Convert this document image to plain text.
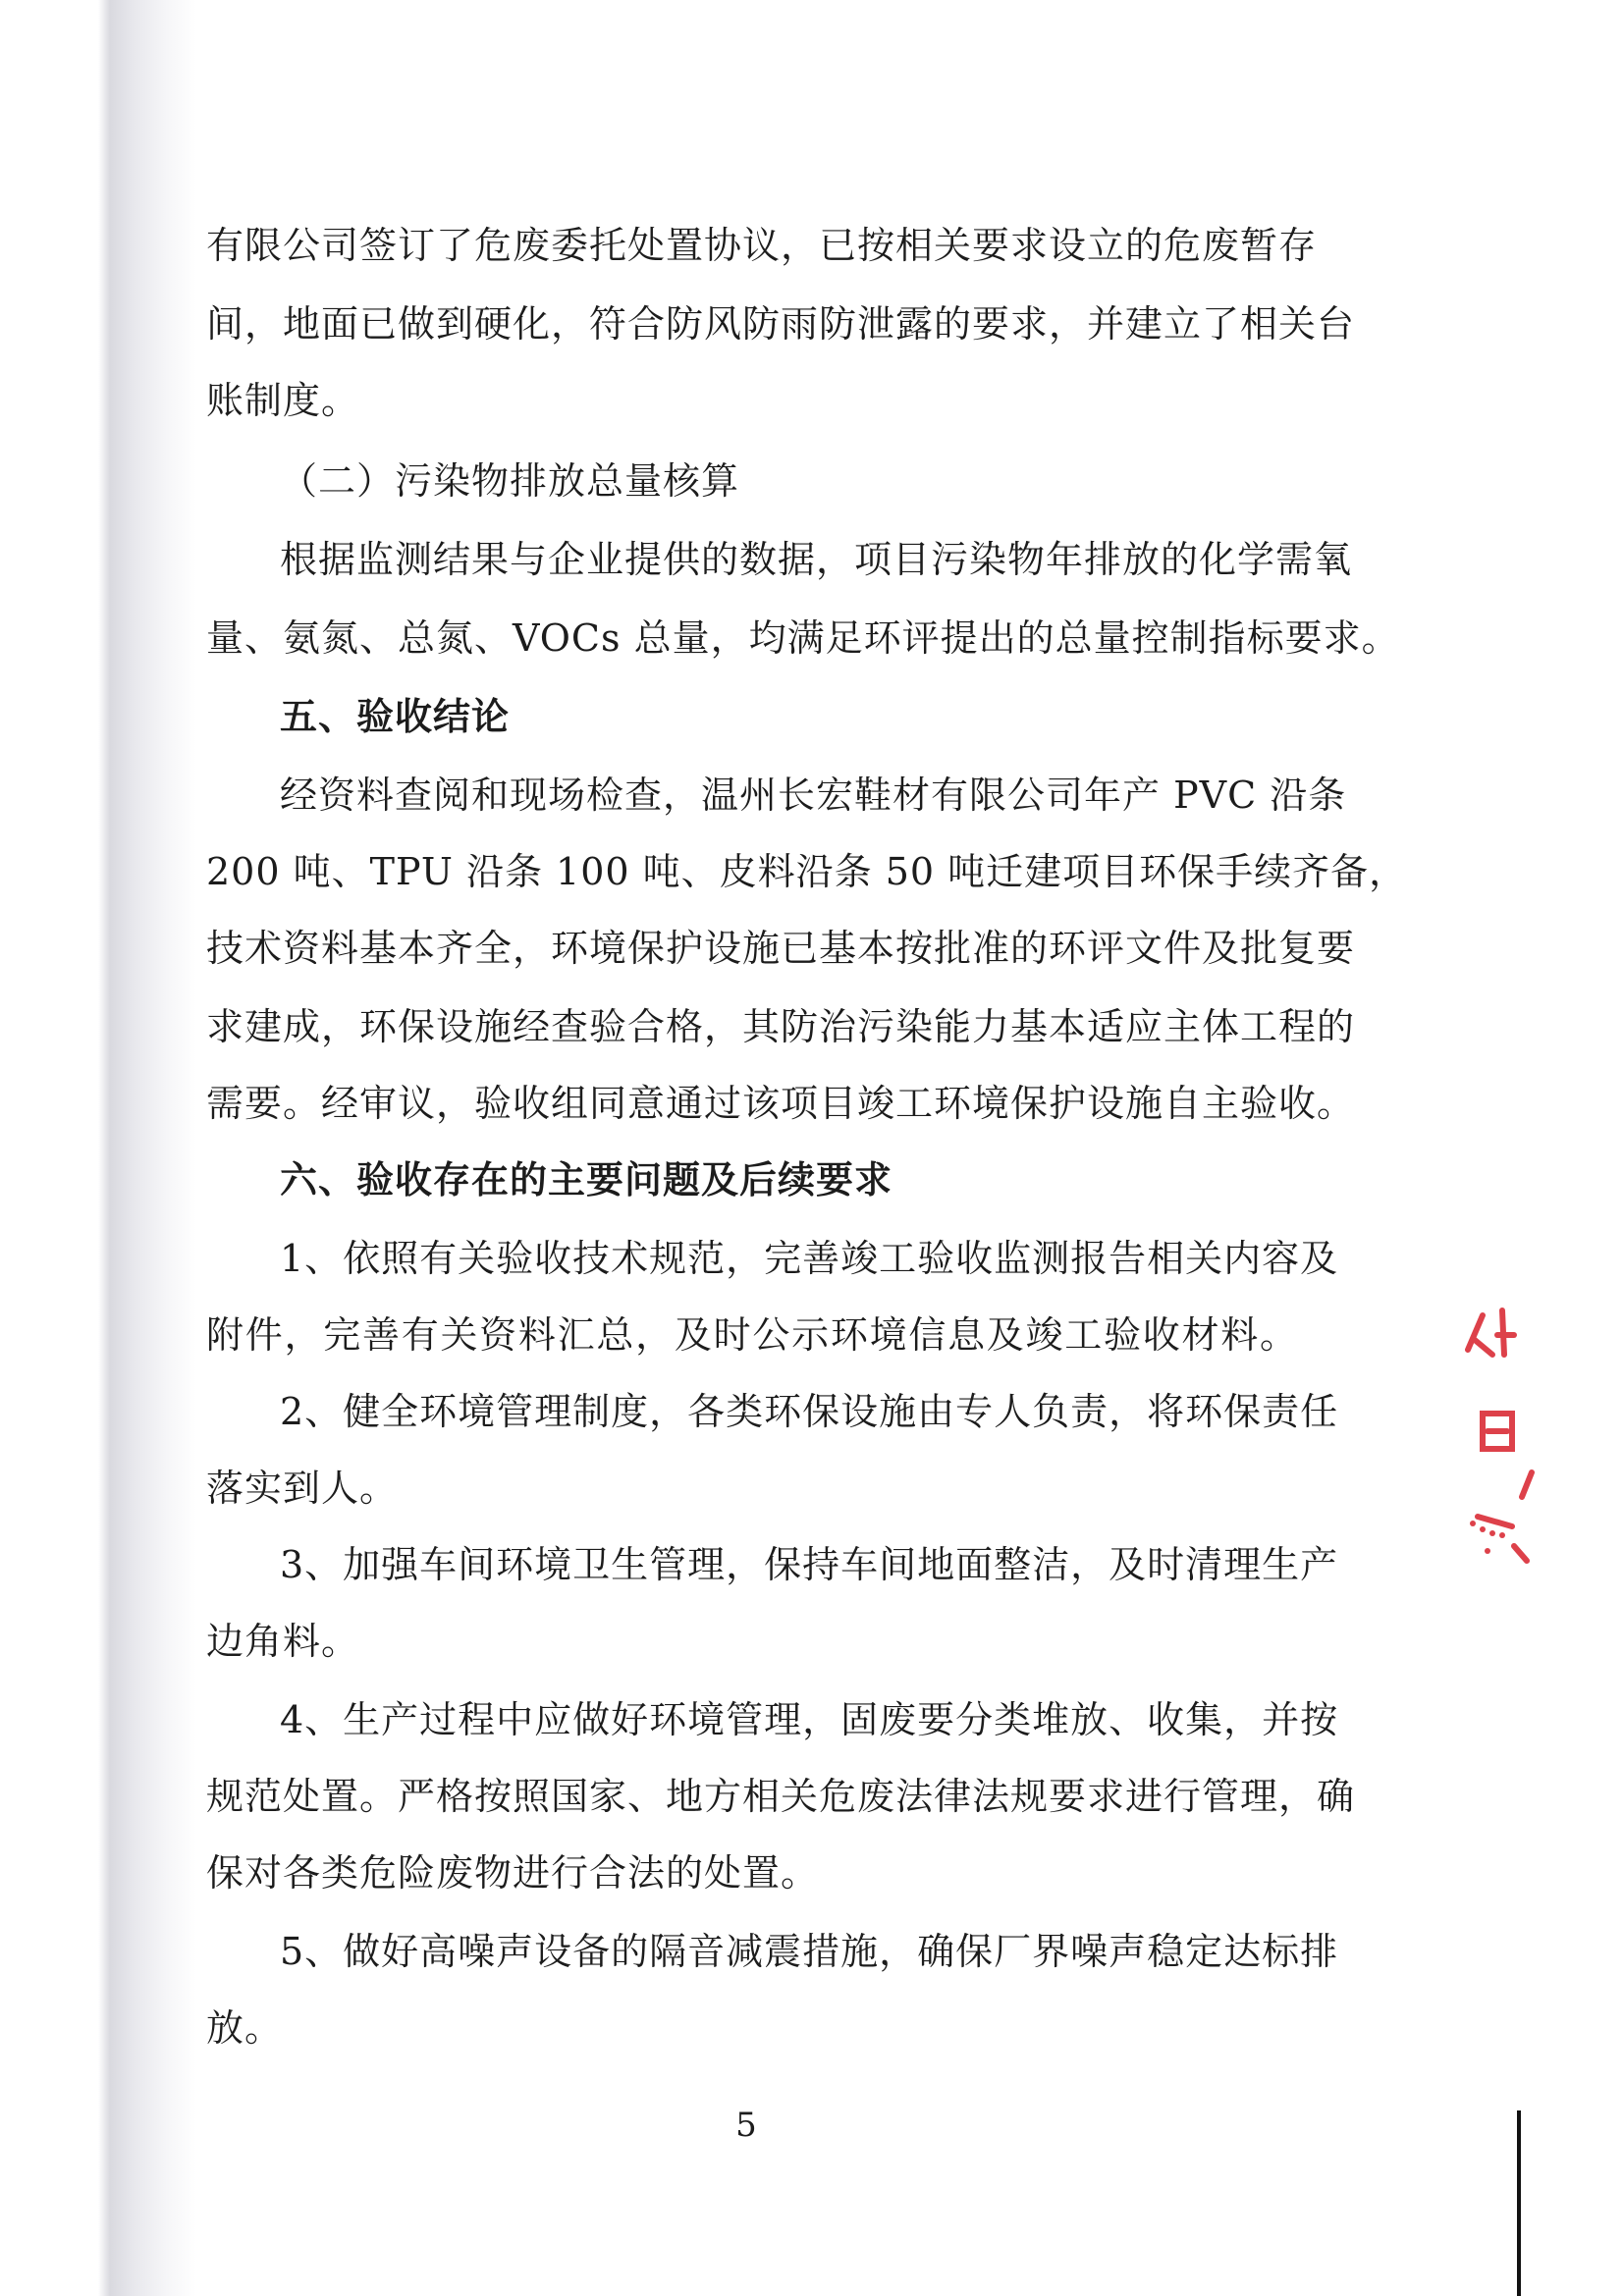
有限公司签订了危废委托处置协议，已按相关要求设立的危废暂存
间，地面已做到硬化，符合防风防雨防泄露的要求，并建立了相关台
账制度。
（二）污染物排放总量核算
根据监测结果与企业提供的数据，项目污染物年排放的化学需氧
量、氨氮、总氮、VOCs 总量，均满足环评提出的总量控制指标要求。
五、验收结论
经资料查阅和现场检查，温州长宏鞋材有限公司年产 PVC 沿条
200 吨、TPU 沿条 100 吨、皮料沿条 50 吨迁建项目环保手续齐备，
技术资料基本齐全，环境保护设施已基本按批准的环评文件及批复要
求建成，环保设施经查验合格，其防治污染能力基本适应主体工程的
需要。经审议，验收组同意通过该项目竣工环境保护设施自主验收。
六、验收存在的主要问题及后续要求
1、依照有关验收技术规范，完善竣工验收监测报告相关内容及
附件，完善有关资料汇总，及时公示环境信息及竣工验收材料。
2、健全环境管理制度，各类环保设施由专人负责，将环保责任
落实到人。
3、加强车间环境卫生管理，保持车间地面整洁，及时清理生产
边角料。
4、生产过程中应做好环境管理，固废要分类堆放、收集，并按
规范处置。严格按照国家、地方相关危废法律法规要求进行管理，确
保对各类危险废物进行合法的处置。
5、做好高噪声设备的隔音减震措施，确保厂界噪声稳定达标排
放。
5
